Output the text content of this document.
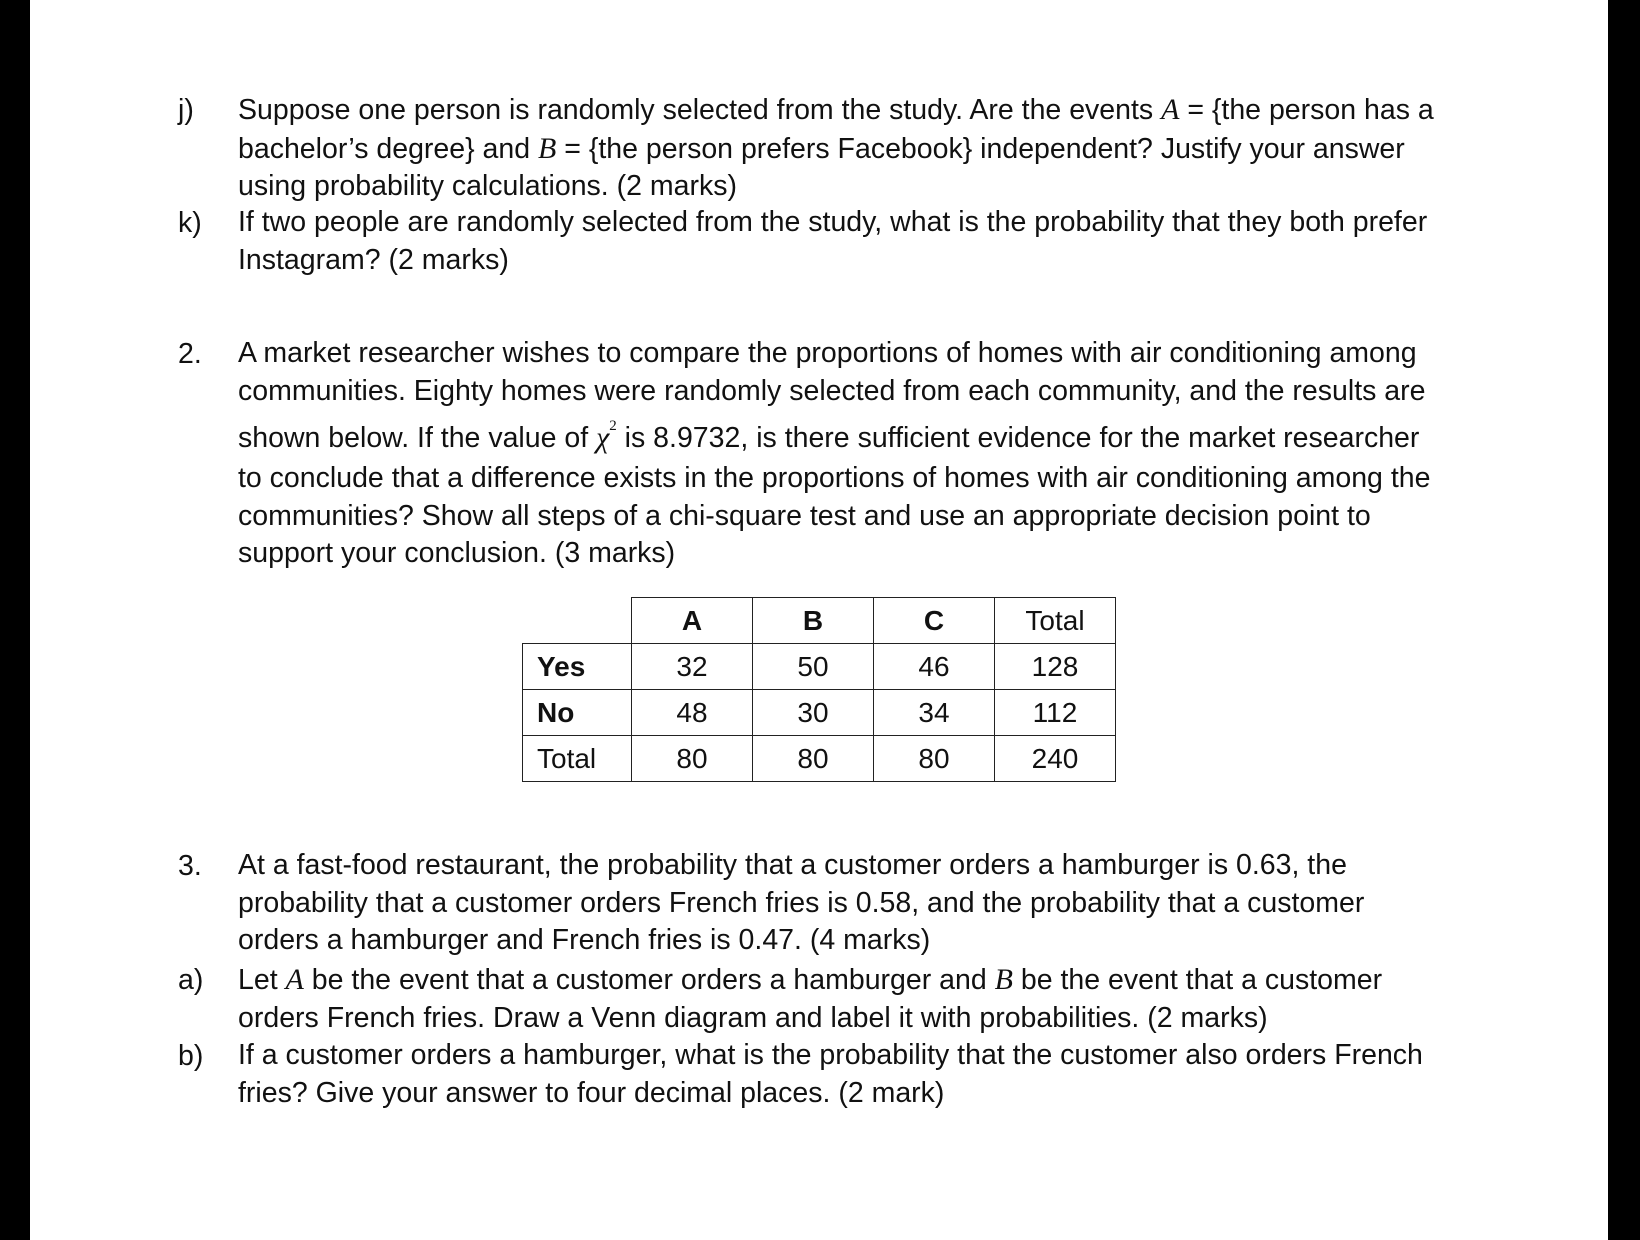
j)	Suppose one person is randomly selected from the study. Are the events A = {the person has a
bachelor’s degree} and B = {the person prefers Facebook} independent? Justify your answer
using probability calculations. (2 marks)
k)	If two people are randomly selected from the study, what is the probability that they both prefer
Instagram? (2 marks)
2.	A market researcher wishes to compare the proportions of homes with air conditioning among
communities. Eighty homes were randomly selected from each community, and the results are
shown below. If the value of $\chi^2$ is 8.9732, is there sufficient evidence for the market researcher
to conclude that a difference exists in the proportions of homes with air conditioning among the
communities? Show all steps of a chi-square test and use an appropriate decision point to
support your conclusion. (3 marks)
	A	B	C	Total
Yes	32	50	46	128
No	48	30	34	112
Total	80	80	80	240
3.	At a fast-food restaurant, the probability that a customer orders a hamburger is 0.63, the
probability that a customer orders French fries is 0.58, and the probability that a customer
orders a hamburger and French fries is 0.47. (4 marks)
a)	Let A be the event that a customer orders a hamburger and B be the event that a customer
orders French fries. Draw a Venn diagram and label it with probabilities. (2 marks)
b)	If a customer orders a hamburger, what is the probability that the customer also orders French
fries? Give your answer to four decimal places. (2 mark)
